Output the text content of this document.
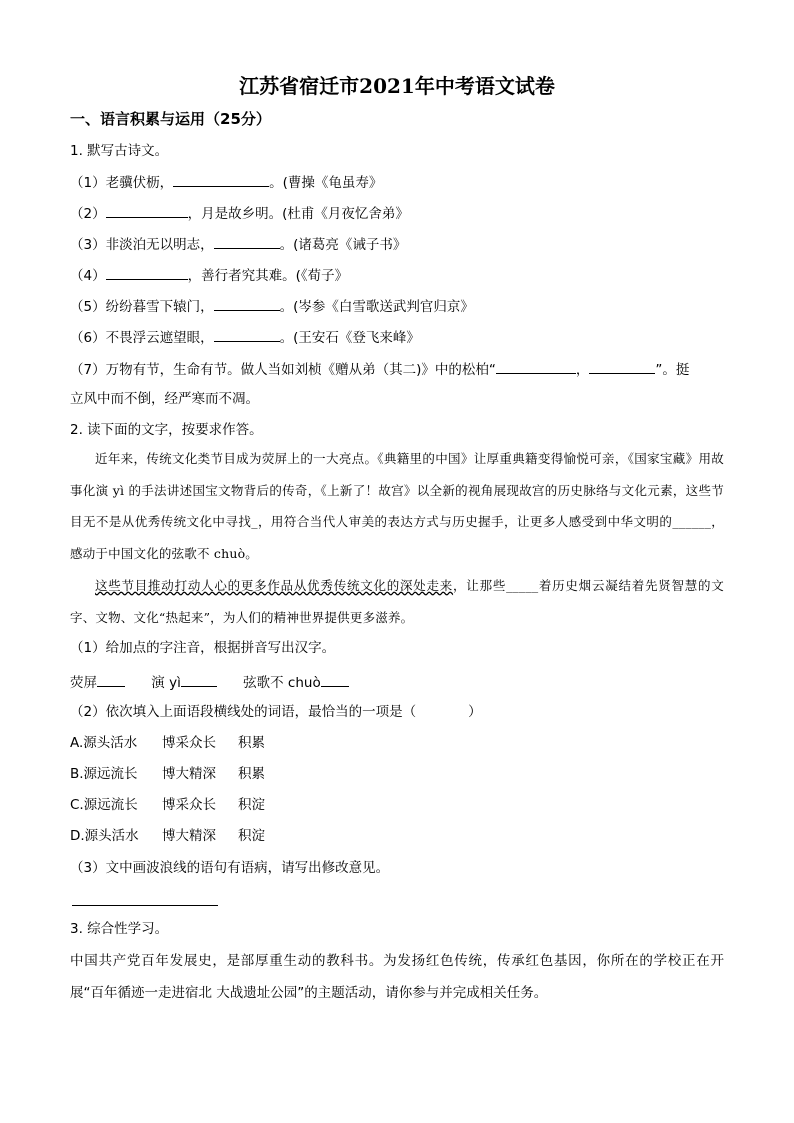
江苏省宿迁市2021年中考语文试卷
一、语言积累与运用（25分）
1. 默写古诗文。
（1）老骥伏枥，	。(曹操《龟虽寿》
（2）	，月是故乡明。(杜甫《月夜忆舍弟》
（3）非淡泊无以明志，	。(诸葛亮《诫子书》
（4）	，善行者究其难。(《荀子》
（5）纷纷暮雪下辕门，	。(岑参《白雪歌送武判官归京》
（6）不畏浮云遮望眼，	。(王安石《登飞来峰》
（7）万物有节，生命有节。做人当如刘桢《赠从弟（其二)》中的松柏“	，	”。挺
立风中而不倒，经严寒而不凋。
2. 读下面的文字，按要求作答。

近年来，传统文化类节目成为荧屏上的一大亮点。《典籍里的中国》让厚重典籍变得愉悦可亲，《国家宝藏》用故事化演 yì 的手法讲述国宝文物背后的传奇，《上新了！故宫》以全新的视角展现故宫的历史脉络与文化元素，这些节目无不是从优秀传统文化中寻找_，用符合当代人审美的表达方式与历史握手，让更多人感受到中华文明的______，感动于中国文化的弦歌不 chuò。

这些节目推动打动人心的更多作品从优秀传统文化的深处走来，让那些_____着历史烟云凝结着先贤智慧的文字、文物、文化“热起来”，为人们的精神世界提供更多滋养。

（1）给加点的字注音，根据拼音写出汉字。
荧屏	演 yì	弦歌不 chuò
（2）依次填入上面语段横线处的词语，最恰当的一项是（	）
A.源头活水 博采众长 积累
B.源远流长 博大精深 积累
C.源远流长 博采众长 积淀
D.源头活水 博大精深 积淀
（3）文中画波浪线的语句有语病，请写出修改意见。
3. 综合性学习。
中国共产党百年发展史，是部厚重生动的教科书。为发扬红色传统，传承红色基因，你所在的学校正在开展“百年循迹一走进宿北 大战遗址公园”的主题活动，请你参与并完成相关任务。
